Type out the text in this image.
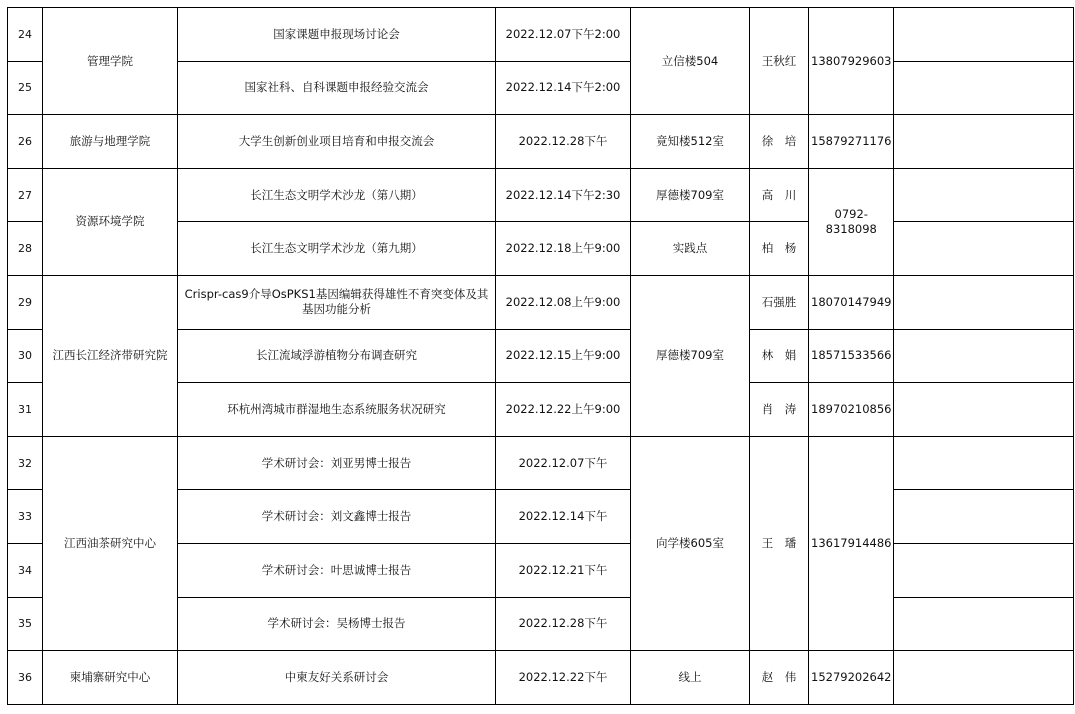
24	管理学院	国家课题申报现场讨论会	2022.12.07下午2:00	立信楼504	王秋红	13807929603	
25		国家社科、自科课题申报经验交流会	2022.12.14下午2:00				
26	旅游与地理学院	大学生创新创业项目培育和申报交流会	2022.12.28下午	竟知楼512室	徐　培	15879271176	
27	资源环境学院	长江生态文明学术沙龙（第八期）	2022.12.14下午2:30	厚德楼709室	高　川	0792-8318098	
28		长江生态文明学术沙龙（第九期）	2022.12.18上午9:00	实践点	柏　杨		
29	江西长江经济带研究院	Crispr-cas9介导OsPKS1基因编辑获得雄性不育突变体及其基因功能分析	2022.12.08上午9:00	厚德楼709室	石强胜	18070147949	
30		长江流域浮游植物分布调查研究	2022.12.15上午9:00		林　娟	18571533566	
31		环杭州湾城市群湿地生态系统服务状况研究	2022.12.22上午9:00		肖　涛	18970210856	
32	江西油茶研究中心	学术研讨会：刘亚男博士报告	2022.12.07下午	向学楼605室	王　璠	13617914486	
33		学术研讨会：刘文鑫博士报告	2022.12.14下午				
34		学术研讨会：叶思诚博士报告	2022.12.21下午				
35		学术研讨会：吴杨博士报告	2022.12.28下午				
36	柬埔寨研究中心	中柬友好关系研讨会	2022.12.22下午	线上	赵　伟	15279202642	
